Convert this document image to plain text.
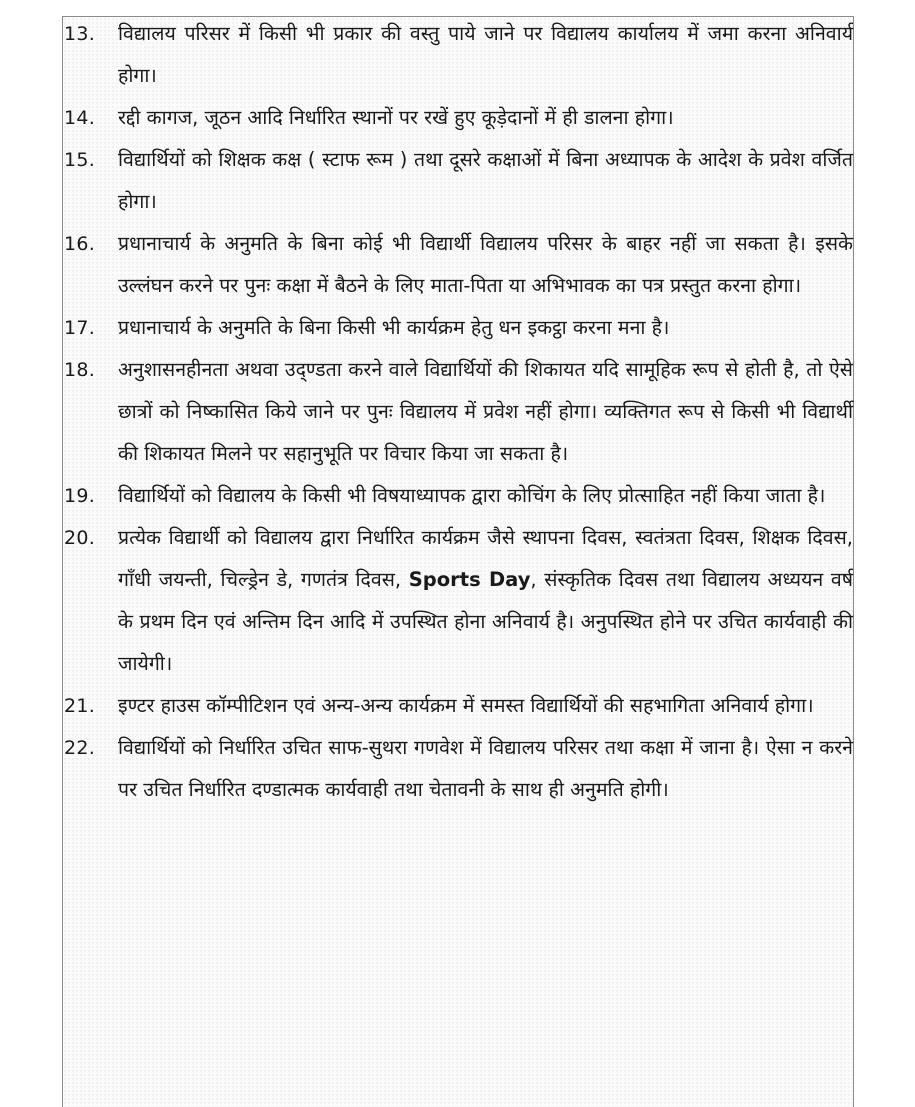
13.	विद्यालय परिसर में किसी भी प्रकार की वस्तु पाये जाने पर विद्यालय कार्यालय में जमा करना अनिवार्य होगा।
14.	रद्दी कागज, जूठन आदि निर्धारित स्थानों पर रखें हुए कूड़ेदानों में ही डालना होगा।
15.	विद्यार्थियों को शिक्षक कक्ष ( स्टाफ रूम ) तथा दूसरे कक्षाओं में बिना अध्यापक के आदेश के प्रवेश वर्जित होगा।
16.	प्रधानाचार्य के अनुमति के बिना कोई भी विद्यार्थी विद्यालय परिसर के बाहर नहीं जा सकता है। इसके उल्लंघन करने पर पुनः कक्षा में बैठने के लिए माता-पिता या अभिभावक का पत्र प्रस्तुत करना होगा।
17.	प्रधानाचार्य के अनुमति के बिना किसी भी कार्यक्रम हेतु धन इकट्ठा करना मना है।
18.	अनुशासनहीनता अथवा उद्ण्डता करने वाले विद्यार्थियों की शिकायत यदि सामूहिक रूप से होती है, तो ऐसे छात्रों को निष्कासित किये जाने पर पुनः विद्यालय में प्रवेश नहीं होगा। व्यक्तिगत रूप से किसी भी विद्यार्थी की शिकायत मिलने पर सहानुभूति पर विचार किया जा सकता है।
19.	विद्यार्थियों को विद्यालय के किसी भी विषयाध्यापक द्वारा कोचिंग के लिए प्रोत्साहित नहीं किया जाता है।
20.	प्रत्येक विद्यार्थी को विद्यालय द्वारा निर्धारित कार्यक्रम जैसे स्थापना दिवस, स्वतंत्रता दिवस, शिक्षक दिवस, गाँधी जयन्ती, चिल्ड्रेन डे, गणतंत्र दिवस, Sports Day, संस्कृतिक दिवस तथा विद्यालय अध्ययन वर्ष के प्रथम दिन एवं अन्तिम दिन आदि में उपस्थित होना अनिवार्य है। अनुपस्थित होने पर उचित कार्यवाही की जायेगी।
21.	इण्टर हाउस कॉम्पीटिशन एवं अन्य-अन्य कार्यक्रम में समस्त विद्यार्थियों की सहभागिता अनिवार्य होगा।
22.	विद्यार्थियों को निर्धारित उचित साफ-सुथरा गणवेश में विद्यालय परिसर तथा कक्षा में जाना है। ऐसा न करने पर उचित निर्धारित दण्डात्मक कार्यवाही तथा चेतावनी के साथ ही अनुमति होगी।
